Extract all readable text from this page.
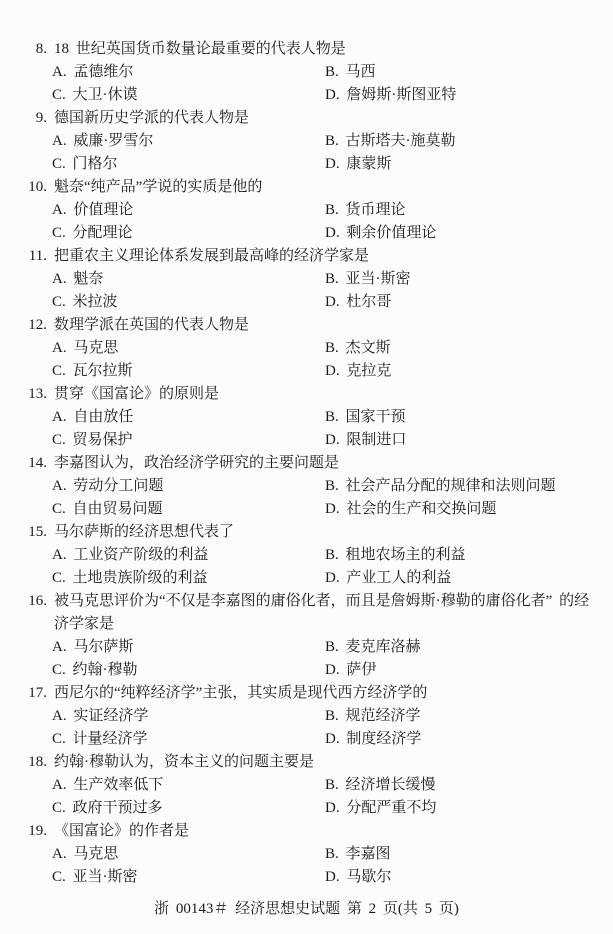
8. 18 世纪英国货币数量论最重要的代表人物是
A. 孟德维尔	B. 马西
C. 大卫·休谟	D. 詹姆斯·斯图亚特
9. 德国新历史学派的代表人物是
A. 威廉·罗雪尔	B. 古斯塔夫·施莫勒
C. 门格尔	D. 康蒙斯
10. 魁奈“纯产品”学说的实质是他的
A. 价值理论	B. 货币理论
C. 分配理论	D. 剩余价值理论
11. 把重农主义理论体系发展到最高峰的经济学家是
A. 魁奈	B. 亚当·斯密
C. 米拉波	D. 杜尔哥
12. 数理学派在英国的代表人物是
A. 马克思	B. 杰文斯
C. 瓦尔拉斯	D. 克拉克
13. 贯穿《国富论》的原则是
A. 自由放任	B. 国家干预
C. 贸易保护	D. 限制进口
14. 李嘉图认为，政治经济学研究的主要问题是
A. 劳动分工问题	B. 社会产品分配的规律和法则问题
C. 自由贸易问题	D. 社会的生产和交换问题
15. 马尔萨斯的经济思想代表了
A. 工业资产阶级的利益	B. 租地农场主的利益
C. 土地贵族阶级的利益	D. 产业工人的利益
16. 被马克思评价为“不仅是李嘉图的庸俗化者，而且是詹姆斯·穆勒的庸俗化者” 的经济学家是
A. 马尔萨斯	B. 麦克库洛赫
C. 约翰·穆勒	D. 萨伊
17. 西尼尔的“纯粹经济学”主张，其实质是现代西方经济学的
A. 实证经济学	B. 规范经济学
C. 计量经济学	D. 制度经济学
18. 约翰·穆勒认为，资本主义的问题主要是
A. 生产效率低下	B. 经济增长缓慢
C. 政府干预过多	D. 分配严重不均
19. 《国富论》的作者是
A. 马克思	B. 李嘉图
C. 亚当·斯密	D. 马歇尔
浙 00143＃ 经济思想史试题 第 2 页(共 5 页)
